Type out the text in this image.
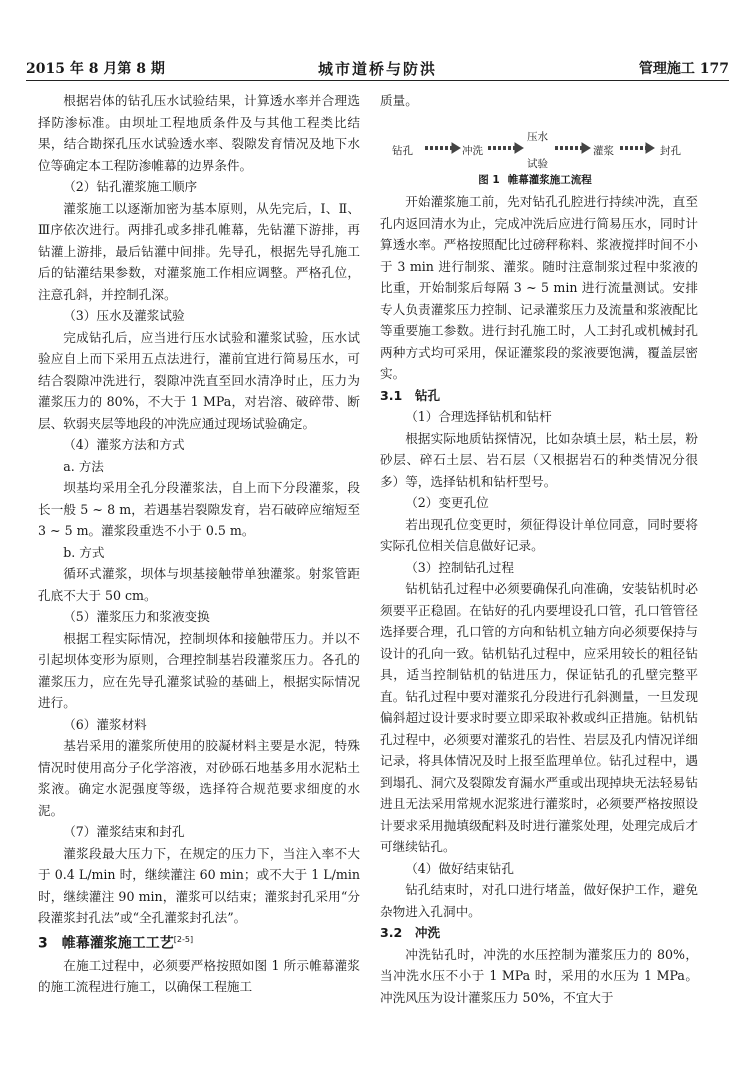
2015 年 8 月第 8 期	城市道桥与防洪	管理施工 177

根据岩体的钻孔压水试验结果，计算透水率并合理选择防渗标准。由坝址工程地质条件及与其他工程类比结果，结合勘探孔压水试验透水率、裂隙发育情况及地下水位等确定本工程防渗帷幕的边界条件。

（2）钻孔灌浆施工顺序

灌浆施工以逐渐加密为基本原则，从先完后，Ⅰ、Ⅱ、Ⅲ序依次进行。两排孔或多排孔帷幕，先钻灌下游排，再钻灌上游排，最后钻灌中间排。先导孔，根据先导孔施工后的钻灌结果参数，对灌浆施工作相应调整。严格孔位，注意孔斜，并控制孔深。

（3）压水及灌浆试验

完成钻孔后，应当进行压水试验和灌浆试验，压水试验应自上而下采用五点法进行，灌前宜进行简易压水，可结合裂隙冲洗进行，裂隙冲洗直至回水清净时止，压力为灌浆压力的 80%，不大于 1 MPa，对岩溶、破碎带、断层、软弱夹层等地段的冲洗应通过现场试验确定。

（4）灌浆方法和方式

a. 方法

坝基均采用全孔分段灌浆法，自上而下分段灌浆，段长一般 5 ~ 8 m，若遇基岩裂隙发育，岩石破碎应缩短至 3 ~ 5 m。灌浆段重迭不小于 0.5 m。

b. 方式

循环式灌浆，坝体与坝基接触带单独灌浆。射浆管距孔底不大于 50 cm。

（5）灌浆压力和浆液变换

根据工程实际情况，控制坝体和接触带压力。并以不引起坝体变形为原则，合理控制基岩段灌浆压力。各孔的灌浆压力，应在先导孔灌浆试验的基础上，根据实际情况进行。

（6）灌浆材料

基岩采用的灌浆所使用的胶凝材料主要是水泥，特殊情况时使用高分子化学溶液，对砂砾石地基多用水泥粘土浆液。确定水泥强度等级，选择符合规范要求细度的水泥。

（7）灌浆结束和封孔

灌浆段最大压力下，在规定的压力下，当注入率不大于 0.4 L/min 时，继续灌注 60 min；或不大于 1 L/min 时，继续灌注 90 min，灌浆可以结束；灌浆封孔采用“分段灌浆封孔法”或“全孔灌浆封孔法”。

3　帷幕灌浆施工工艺[2-5]

在施工过程中，必须要严格按照如图 1 所示帷幕灌浆的施工流程进行施工，以确保工程施工

质量。

钻孔	冲洗
压水
试验
灌浆	封孔

图 1 帷幕灌浆施工流程

开始灌浆施工前，先对钻孔孔腔进行持续冲洗，直至孔内返回清水为止，完成冲洗后应进行简易压水，同时计算透水率。严格按照配比过磅秤称料、浆液搅拌时间不小于 3 min 进行制浆、灌浆。随时注意制浆过程中浆液的比重，开始制浆后每隔 3 ~ 5 min 进行流量测试。安排专人负责灌浆压力控制、记录灌浆压力及流量和浆液配比等重要施工参数。进行封孔施工时，人工封孔或机械封孔两种方式均可采用，保证灌浆段的浆液要饱满，覆盖层密实。

3.1　钻孔

（1）合理选择钻机和钻杆

根据实际地质钻探情况，比如杂填土层，粘土层，粉砂层、碎石土层、岩石层（又根据岩石的种类情况分很多）等，选择钻机和钻杆型号。

（2）变更孔位

若出现孔位变更时，须征得设计单位同意，同时要将实际孔位相关信息做好记录。

（3）控制钻孔过程

钻机钻孔过程中必须要确保孔向准确，安装钻机时必须要平正稳固。在钻好的孔内要埋设孔口管，孔口管管径选择要合理，孔口管的方向和钻机立轴方向必须要保持与设计的孔向一致。钻机钻孔过程中，应采用较长的粗径钻具，适当控制钻机的钻进压力，保证钻孔的孔壁完整平直。钻孔过程中要对灌浆孔分段进行孔斜测量，一旦发现偏斜超过设计要求时要立即采取补救或纠正措施。钻机钻孔过程中，必须要对灌浆孔的岩性、岩层及孔内情况详细记录，将具体情况及时上报至监理单位。钻孔过程中，遇到塌孔、洞穴及裂隙发育漏水严重或出现掉块无法轻易钻进且无法采用常规水泥浆进行灌浆时，必须要严格按照设计要求采用抛填级配料及时进行灌浆处理，处理完成后才可继续钻孔。

（4）做好结束钻孔

钻孔结束时，对孔口进行堵盖，做好保护工作，避免杂物进入孔洞中。

3.2　冲洗

冲洗钻孔时，冲洗的水压控制为灌浆压力的 80%，当冲洗水压不小于 1 MPa 时，采用的水压为 1 MPa。冲洗风压为设计灌浆压力 50%，不宜大于
